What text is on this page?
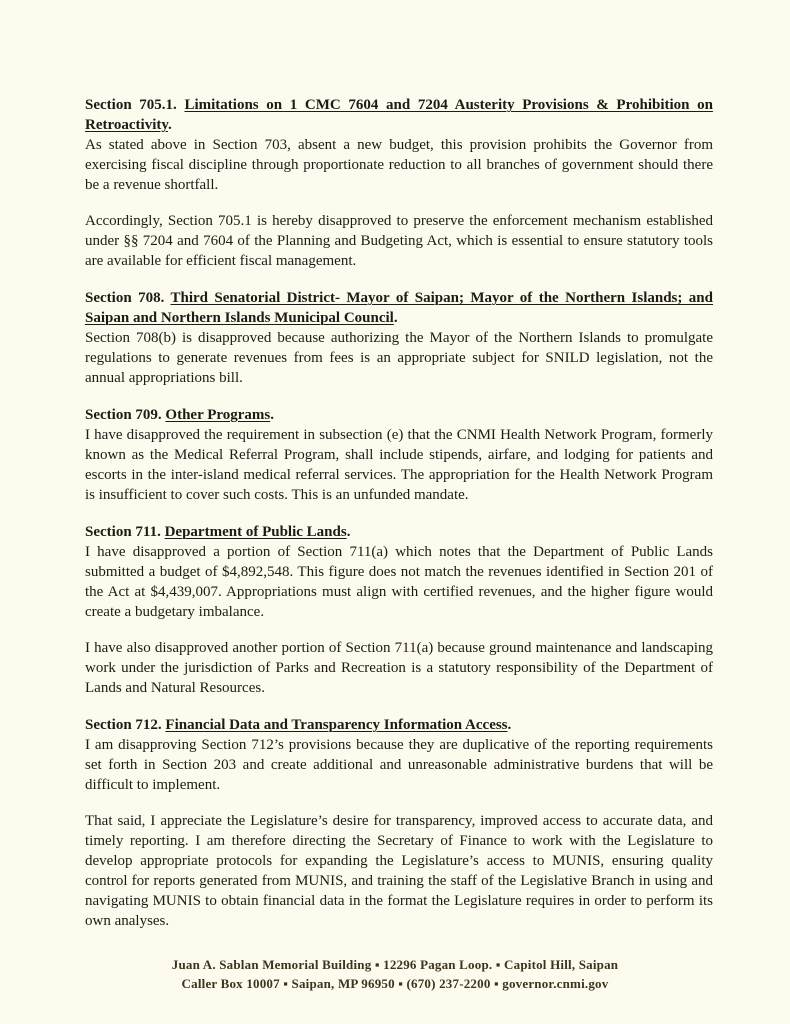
Section 705.1. Limitations on 1 CMC 7604 and 7204 Austerity Provisions & Prohibition on Retroactivity.

As stated above in Section 703, absent a new budget, this provision prohibits the Governor from exercising fiscal discipline through proportionate reduction to all branches of government should there be a revenue shortfall.

Accordingly, Section 705.1 is hereby disapproved to preserve the enforcement mechanism established under §§ 7204 and 7604 of the Planning and Budgeting Act, which is essential to ensure statutory tools are available for efficient fiscal management.

Section 708. Third Senatorial District- Mayor of Saipan; Mayor of the Northern Islands; and Saipan and Northern Islands Municipal Council.

Section 708(b) is disapproved because authorizing the Mayor of the Northern Islands to promulgate regulations to generate revenues from fees is an appropriate subject for SNILD legislation, not the annual appropriations bill.

Section 709. Other Programs.

I have disapproved the requirement in subsection (e) that the CNMI Health Network Program, formerly known as the Medical Referral Program, shall include stipends, airfare, and lodging for patients and escorts in the inter-island medical referral services. The appropriation for the Health Network Program is insufficient to cover such costs. This is an unfunded mandate.

Section 711. Department of Public Lands.

I have disapproved a portion of Section 711(a) which notes that the Department of Public Lands submitted a budget of $4,892,548. This figure does not match the revenues identified in Section 201 of the Act at $4,439,007. Appropriations must align with certified revenues, and the higher figure would create a budgetary imbalance.

I have also disapproved another portion of Section 711(a) because ground maintenance and landscaping work under the jurisdiction of Parks and Recreation is a statutory responsibility of the Department of Lands and Natural Resources.

Section 712. Financial Data and Transparency Information Access.

I am disapproving Section 712’s provisions because they are duplicative of the reporting requirements set forth in Section 203 and create additional and unreasonable administrative burdens that will be difficult to implement.

That said, I appreciate the Legislature’s desire for transparency, improved access to accurate data, and timely reporting. I am therefore directing the Secretary of Finance to work with the Legislature to develop appropriate protocols for expanding the Legislature’s access to MUNIS, ensuring quality control for reports generated from MUNIS, and training the staff of the Legislative Branch in using and navigating MUNIS to obtain financial data in the format the Legislature requires in order to perform its own analyses.

Juan A. Sablan Memorial Building ▪ 12296 Pagan Loop. ▪ Capitol Hill, Saipan
Caller Box 10007 ▪ Saipan, MP 96950 ▪ (670) 237-2200 ▪ governor.cnmi.gov
